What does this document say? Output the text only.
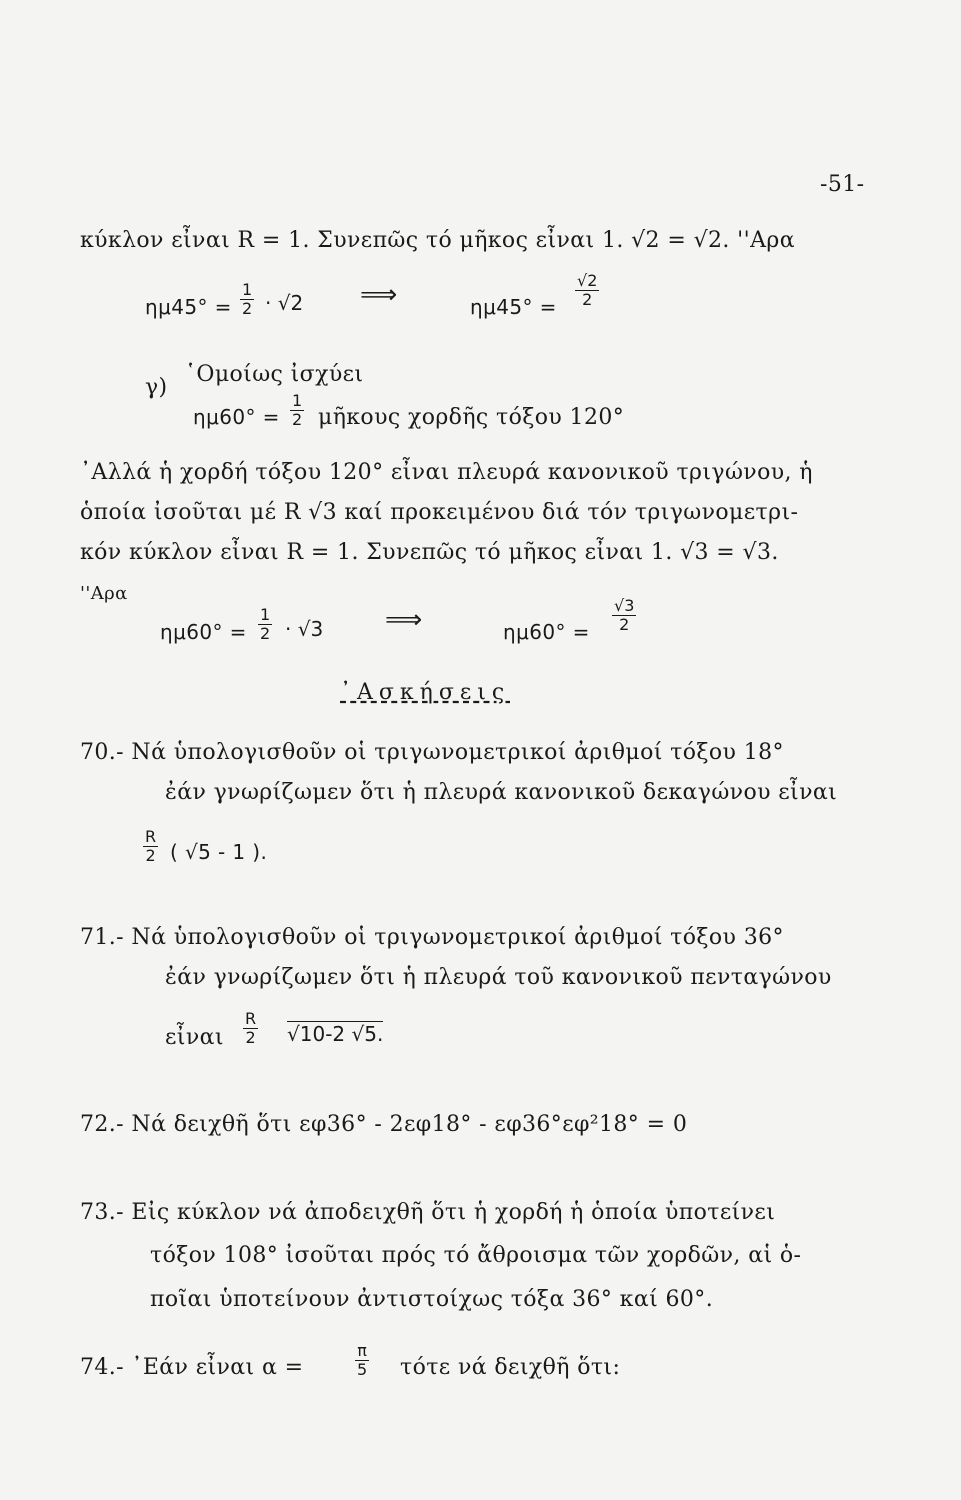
-51-
κύκλον εἶναι R = 1. Συνεπῶς τό μῆκος εἶναι 1. √2 = √2. ''Αρα
$\eta\mu 45^\circ = \frac{1}{2} \cdot √2$ ⟹	$\eta\mu 45^\circ = \frac{√2}{2}$
γ)
῾Ομοίως ἰσχύει
$\eta\mu 60^\circ = \frac{1}{2}$ μῆκους χορδῆς τόξου 120°
᾿Αλλά ἡ χορδή τόξου 120° εἶναι πλευρά κανονικοῦ τριγώνου, ἡ
ὁποία ἰσοῦται μέ R √3 καί προκειμένου διά τόν τριγωνομετρι-
κόν κύκλον εἶναι R = 1. Συνεπῶς τό μῆκος εἶναι 1. √3 = √3.
''Αρα
$\eta\mu 60^\circ = \frac{1}{2} \cdot √3$ ⟹	$\eta\mu 60^\circ = \frac{√3}{2}$
᾿Ασκήσεις
70.- Νά ὑπολογισθοῦν οἱ τριγωνομετρικοί ἀριθμοί τόξου 18°
ἐάν γνωρίζωμεν ὅτι ἡ πλευρά κανονικοῦ δεκαγώνου εἶναι
$\frac{R}{2}$ ( √5 - 1 ).
71.- Νά ὑπολογισθοῦν οἱ τριγωνομετρικοί ἀριθμοί τόξου 36°
ἐάν γνωρίζωμεν ὅτι ἡ πλευρά τοῦ κανονικοῦ πενταγώνου
εἶναι $\frac{R}{2} √10-2$ √5.
72.- Νά δειχθῆ ὅτι εφ36° - 2εφ18° - εφ36°εφ²18° = 0
73.- Εἰς κύκλον νά ἀποδειχθῆ ὅτι ἡ χορδή ἡ ὁποία ὑποτείνει
τόξον 108° ἰσοῦται πρός τό ἄθροισμα τῶν χορδῶν, αἱ ὁ-
ποῖαι ὑποτείνουν ἀντιστοίχως τόξα 36° καί 60°.
74.- ᾿Εάν εἶναι α =	$\frac{\pi}{5}$ τότε νά δειχθῆ ὅτι:
